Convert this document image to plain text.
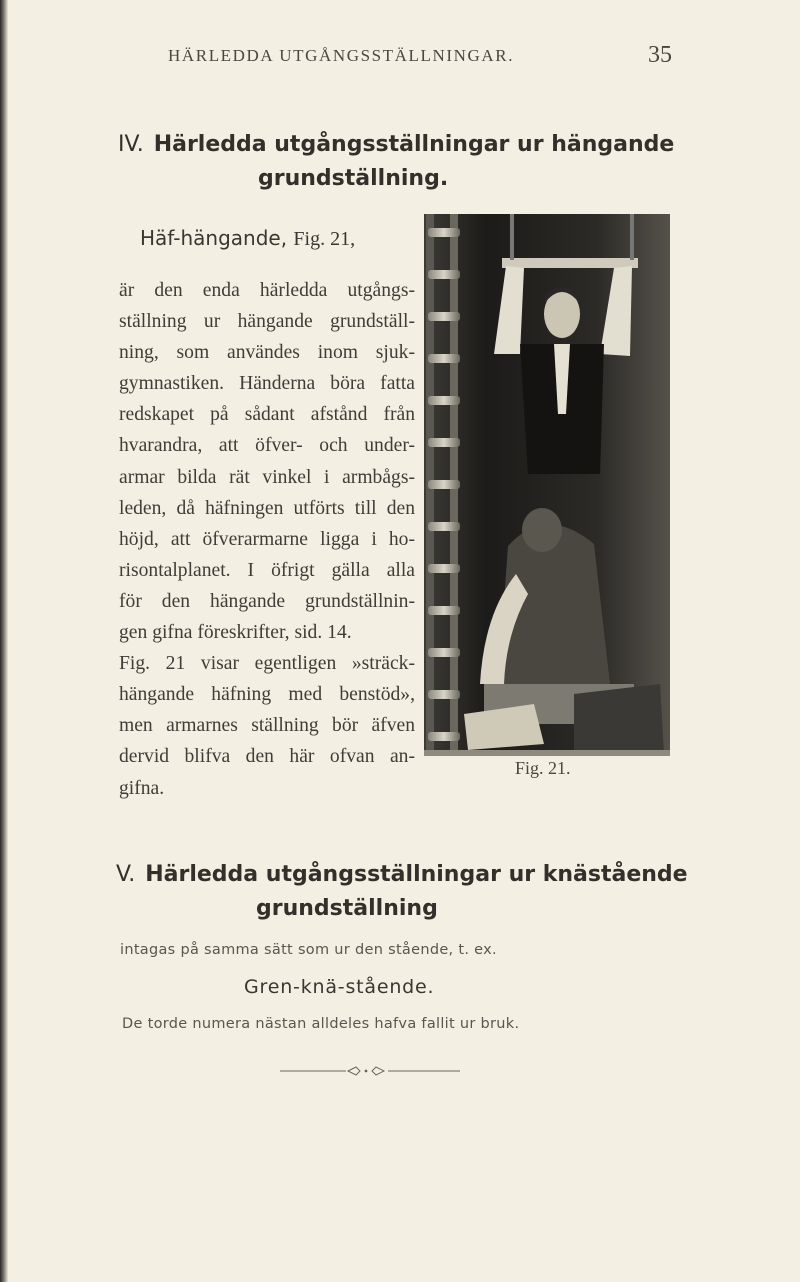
HÄRLEDDA UTGÅNGSSTÄLLNINGAR.	35
IV. Härledda utgångsställningar ur hängande
grundställning.

Häf-hängande, Fig. 21,

är den enda härledda utgångs-
ställning ur hängande grundställ-
ning, som användes inom sjuk-
gymnastiken. Händerna böra fatta
redskapet på sådant afstånd från
hvarandra, att öfver- och under-
armar bilda rät vinkel i armbågs-
leden, då häfningen utförts till den
höjd, att öfverarmarne ligga i ho-
risontalplanet. I öfrigt gälla alla
för den hängande grundställnin-
gen gifna föreskrifter, sid. 14.
Fig. 21 visar egentligen »sträck-
hängande häfning med benstöd»,
men armarnes ställning bör äfven
dervid blifva den här ofvan an-
gifna.

Fig. 21.

V. Härledda utgångsställningar ur knästående
grundställning

intagas på samma sätt som ur den stående, t. ex.

Gren-knä-stående.

De torde numera nästan alldeles hafva fallit ur bruk.
